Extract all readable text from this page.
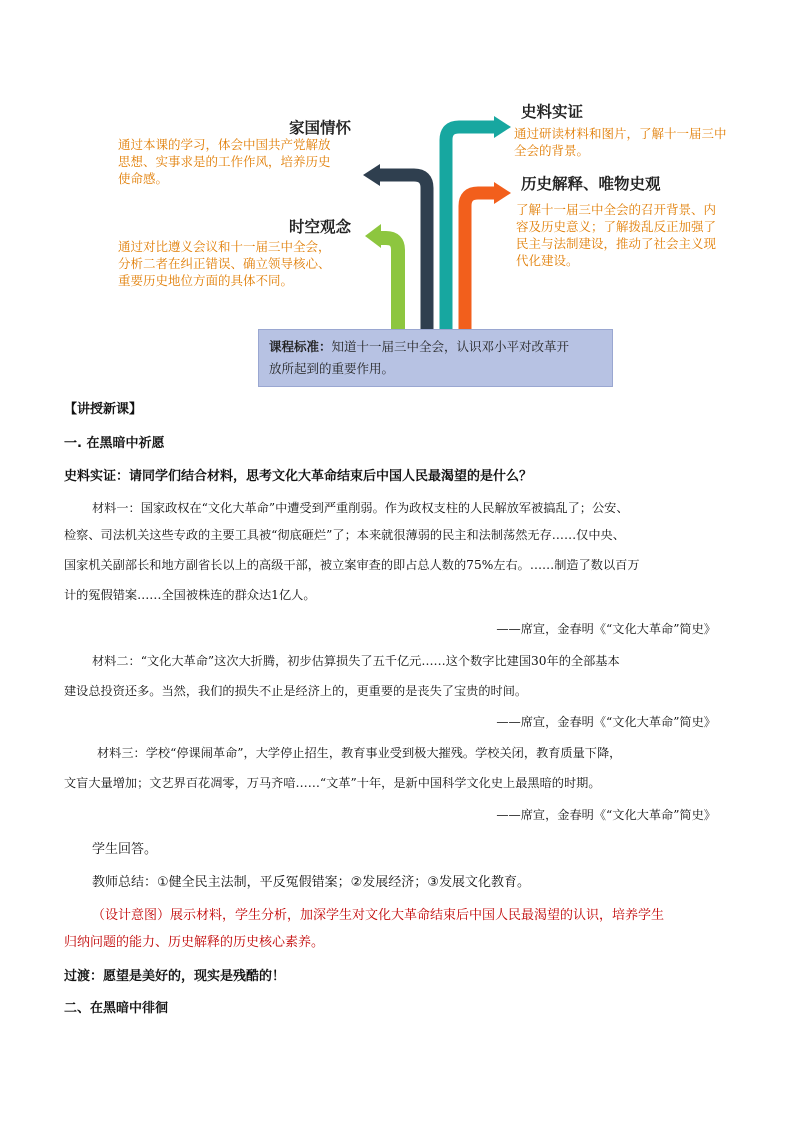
家国情怀
通过本课的学习，体会中国共产党解放
思想、实事求是的工作作风，培养历史
使命感。
时空观念
通过对比遵义会议和十一届三中全会，
分析二者在纠正错误、确立领导核心、
重要历史地位方面的具体不同。
史料实证
通过研读材料和图片，了解十一届三中
全会的背景。
历史解释、唯物史观
了解十一届三中全会的召开背景、内
容及历史意义；了解拨乱反正加强了
民主与法制建设，推动了社会主义现
代化建设。
课程标准：知道十一届三中全会，认识邓小平对改革开
放所起到的重要作用。
【讲授新课】
一. 在黑暗中祈愿
史料实证：请同学们结合材料，思考文化大革命结束后中国人民最渴望的是什么？
材料一：国家政权在“文化大革命”中遭受到严重削弱。作为政权支柱的人民解放军被搞乱了；公安、
检察、司法机关这些专政的主要工具被“彻底砸烂”了；本来就很薄弱的民主和法制荡然无存……仅中央、
国家机关副部长和地方副省长以上的高级干部，被立案审查的即占总人数的75%左右。……制造了数以百万
计的冤假错案……全国被株连的群众达1亿人。
——席宣，金春明《“文化大革命”简史》
材料二：“文化大革命”这次大折腾，初步估算损失了五千亿元……这个数字比建国30年的全部基本
建设总投资还多。当然，我们的损失不止是经济上的，更重要的是丧失了宝贵的时间。
——席宣，金春明《“文化大革命”简史》
材料三：学校“停课闹革命”，大学停止招生，教育事业受到极大摧残。学校关闭，教育质量下降，
文盲大量增加；文艺界百花凋零，万马齐喑……“文革”十年，是新中国科学文化史上最黑暗的时期。
——席宣，金春明《“文化大革命”简史》
学生回答。
教师总结：①健全民主法制，平反冤假错案；②发展经济；③发展文化教育。
（设计意图）展示材料，学生分析，加深学生对文化大革命结束后中国人民最渴望的认识，培养学生
归纳问题的能力、历史解释的历史核心素养。
过渡：愿望是美好的，现实是残酷的！
二、在黑暗中徘徊
